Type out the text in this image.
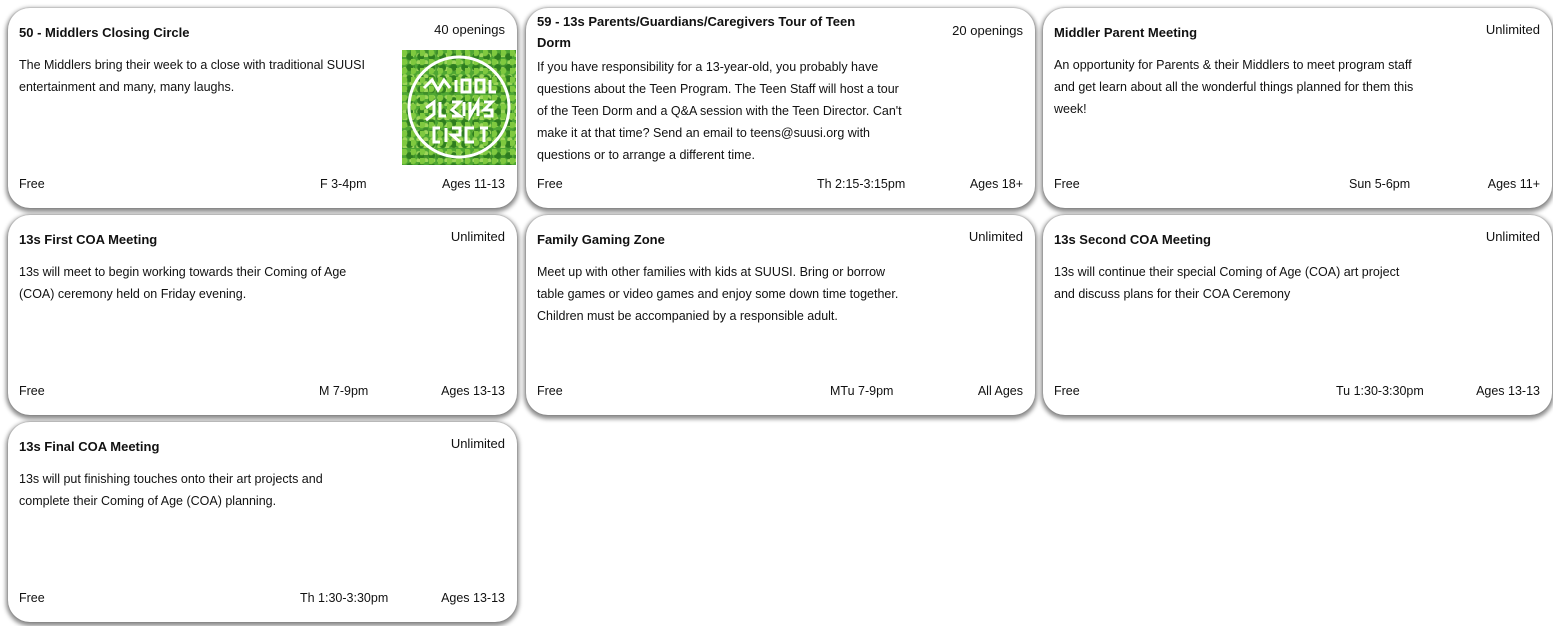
50 - Middlers Closing Circle	40 openings
The Middlers bring their week to a close with traditional SUUSI entertainment and many, many laughs.
Free	F 3-4pm	Ages 11-13
59 - 13s Parents/Guardians/Caregivers Tour of Teen Dorm
20 openings
If you have responsibility for a 13-year-old, you probably have questions about the Teen Program. The Teen Staff will host a tour of the Teen Dorm and a Q&A session with the Teen Director. Can't make it at that time? Send an email to teens@suusi.org with questions or to arrange a different time.
Free	Th 2:15-3:15pm	Ages 18+
Middler Parent Meeting	Unlimited
An opportunity for Parents & their Middlers to meet program staff and get learn about all the wonderful things planned for them this week!
Free	Sun 5-6pm	Ages 11+
13s First COA Meeting	Unlimited
13s will meet to begin working towards their Coming of Age (COA) ceremony held on Friday evening.
Free	M 7-9pm	Ages 13-13
Family Gaming Zone	Unlimited
Meet up with other families with kids at SUUSI. Bring or borrow table games or video games and enjoy some down time together. Children must be accompanied by a responsible adult.
Free	MTu 7-9pm	All Ages
13s Second COA Meeting	Unlimited
13s will continue their special Coming of Age (COA) art project and discuss plans for their COA Ceremony
Free	Tu 1:30-3:30pm	Ages 13-13
13s Final COA Meeting	Unlimited
13s will put finishing touches onto their art projects and complete their Coming of Age (COA) planning.
Free	Th 1:30-3:30pm	Ages 13-13
